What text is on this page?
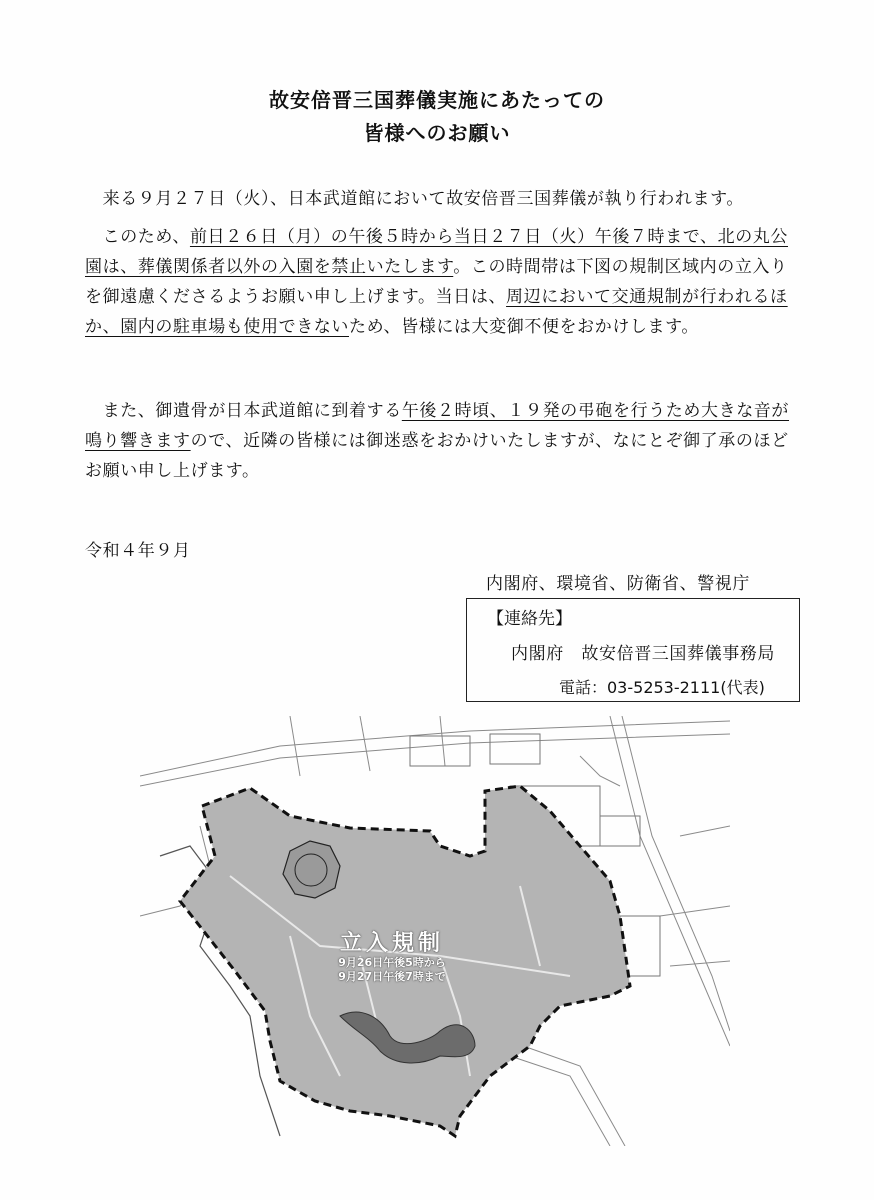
故安倍晋三国葬儀実施にあたっての
皆様へのお願い
　来る９月２７日（火）、日本武道館において故安倍晋三国葬儀が執り行われます。
　このため、前日２６日（月）の午後５時から当日２７日（火）午後７時まで、北の丸公園は、葬儀関係者以外の入園を禁止いたします。この時間帯は下図の規制区域内の立入りを御遠慮くださるようお願い申し上げます。当日は、周辺において交通規制が行われるほか、園内の駐車場も使用できないため、皆様には大変御不便をおかけします。
　また、御遺骨が日本武道館に到着する午後２時頃、１９発の弔砲を行うため大きな音が鳴り響きますので、近隣の皆様には御迷惑をおかけいたしますが、なにとぞ御了承のほどお願い申し上げます。
令和４年９月
内閣府、環境省、防衛省、警視庁
【連絡先】
内閣府　故安倍晋三国葬儀事務局
電話：03-5253-2111(代表)
立入規制
9月26日午後5時から
9月27日午後7時まで
